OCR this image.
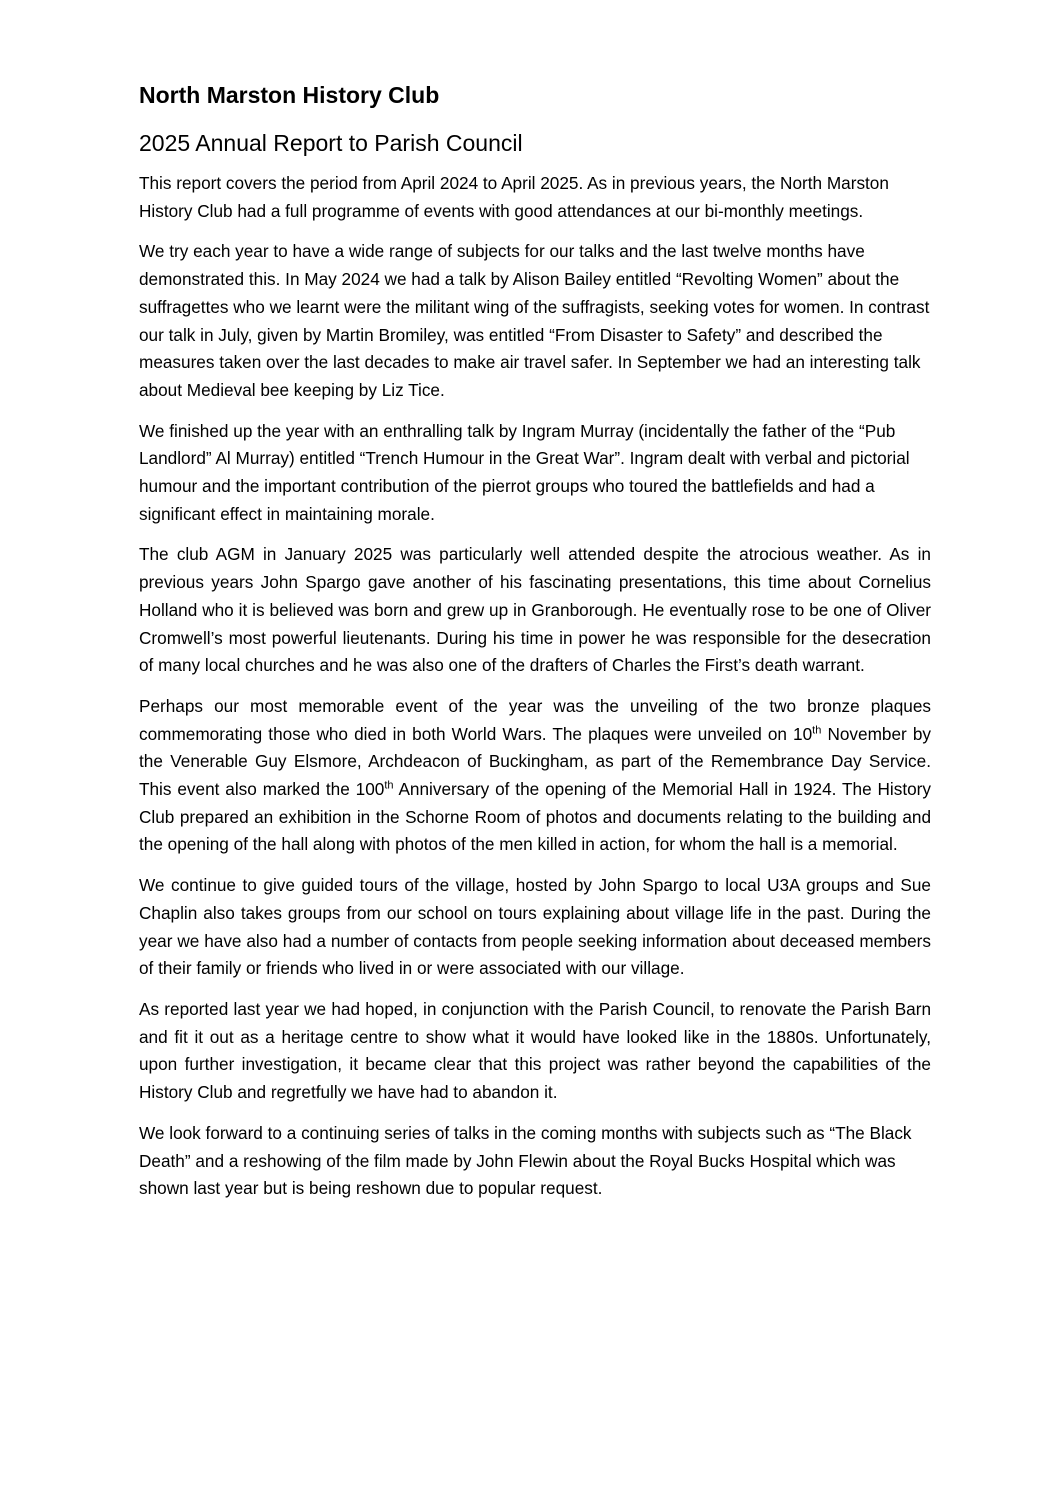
North Marston History Club
2025 Annual Report to Parish Council

This report covers the period from April 2024 to April 2025. As in previous years, the North Marston History Club had a full programme of events with good attendances at our bi-monthly meetings.

We try each year to have a wide range of subjects for our talks and the last twelve months have demonstrated this. In May 2024 we had a talk by Alison Bailey entitled “Revolting Women” about the suffragettes who we learnt were the militant wing of the suffragists, seeking votes for women. In contrast our talk in July, given by Martin Bromiley, was entitled “From Disaster to Safety” and described the measures taken over the last decades to make air travel safer. In September we had an interesting talk about Medieval bee keeping by Liz Tice.

We finished up the year with an enthralling talk by Ingram Murray (incidentally the father of the “Pub Landlord” Al Murray) entitled “Trench Humour in the Great War”. Ingram dealt with verbal and pictorial humour and the important contribution of the pierrot groups who toured the battlefields and had a significant effect in maintaining morale.

The club AGM in January 2025 was particularly well attended despite the atrocious weather. As in previous years John Spargo gave another of his fascinating presentations, this time about Cornelius Holland who it is believed was born and grew up in Granborough. He eventually rose to be one of Oliver Cromwell’s most powerful lieutenants. During his time in power he was responsible for the desecration of many local churches and he was also one of the drafters of Charles the First’s death warrant.

Perhaps our most memorable event of the year was the unveiling of the two bronze plaques commemorating those who died in both World Wars. The plaques were unveiled on 10th November by the Venerable Guy Elsmore, Archdeacon of Buckingham, as part of the Remembrance Day Service. This event also marked the 100th Anniversary of the opening of the Memorial Hall in 1924. The History Club prepared an exhibition in the Schorne Room of photos and documents relating to the building and the opening of the hall along with photos of the men killed in action, for whom the hall is a memorial.

We continue to give guided tours of the village, hosted by John Spargo to local U3A groups and Sue Chaplin also takes groups from our school on tours explaining about village life in the past. During the year we have also had a number of contacts from people seeking information about deceased members of their family or friends who lived in or were associated with our village.

As reported last year we had hoped, in conjunction with the Parish Council, to renovate the Parish Barn and fit it out as a heritage centre to show what it would have looked like in the 1880s. Unfortunately, upon further investigation, it became clear that this project was rather beyond the capabilities of the History Club and regretfully we have had to abandon it.

We look forward to a continuing series of talks in the coming months with subjects such as “The Black Death” and a reshowing of the film made by John Flewin about the Royal Bucks Hospital which was shown last year but is being reshown due to popular request.
